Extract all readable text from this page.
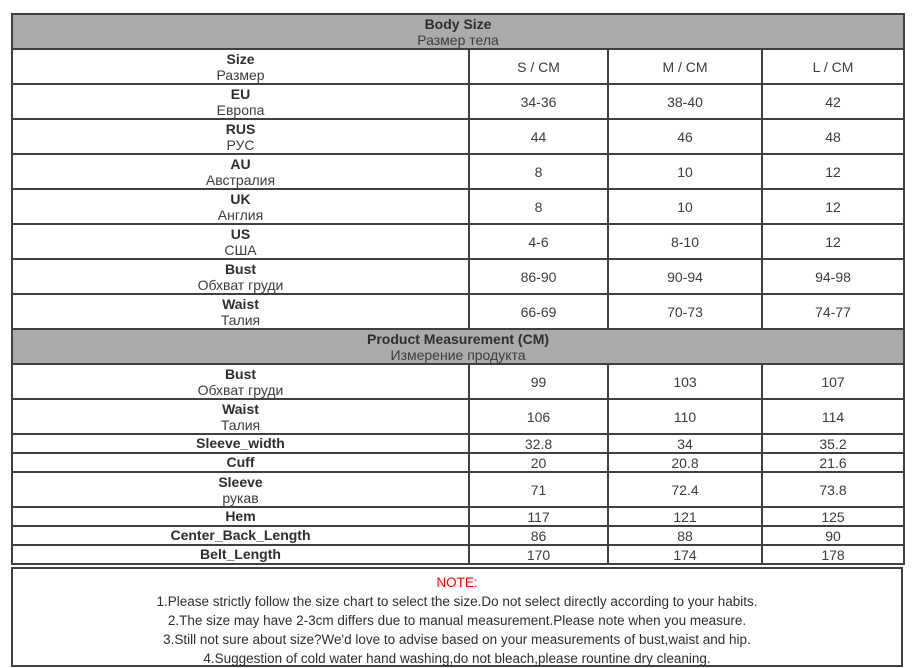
Body Size
Размер тела			

Size
Размер	S / CM	M / CM	L / CM

EU
Европа	34-36	38-40	42

RUS
РУС	44	46	48

AU
Австралия	8	10	12

UK
Англия	8	10	12

US
США	4-6	8-10	12

Bust
Обхват груди	86-90	90-94	94-98

Waist
Талия	66-69	70-73	74-77

Product Measurement (CM)
Измерение продукта			

Bust
Обхват груди	99	103	107

Waist
Талия	106	110	114

Sleeve_width	32.8	34	35.2

Cuff	20	20.8	21.6

Sleeve
рукав	71	72.4	73.8

Hem	117	121	125

Center_Back_Length	86	88	90

Belt_Length	170	174	178
NOTE:
1.Please strictly follow the size chart to select the size.Do not select directly according to your habits.
2.The size may have 2-3cm differs due to manual measurement.Please note when you measure.
3.Still not sure about size?We'd love to advise based on your measurements of bust,waist and hip.
4.Suggestion of cold water hand washing,do not bleach,please rountine dry cleaning.
